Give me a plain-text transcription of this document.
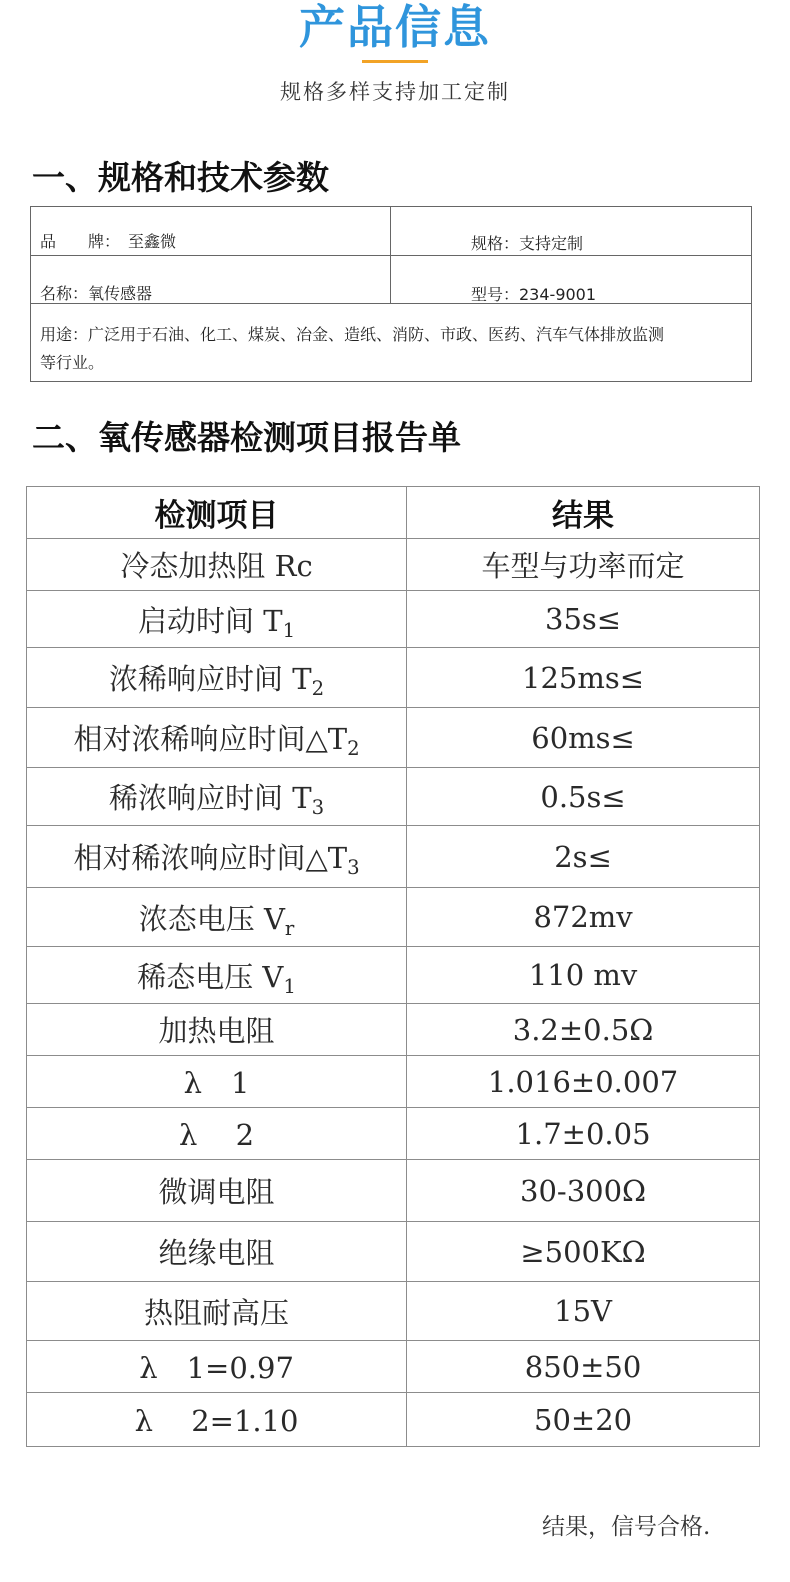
产品信息
规格多样支持加工定制
一、规格和技术参数
品　　牌：　至鑫微	规格：支持定制
名称：氧传感器	型号：234-9001
用途：广泛用于石油、化工、煤炭、冶金、造纸、消防、市政、医药、汽车气体排放监测等行业。
二、氧传感器检测项目报告单
检测项目	结果
冷态加热阻 Rc	车型与功率而定
启动时间 $T_1$	35s≤
浓稀响应时间 $T_2$	125ms≤
相对浓稀响应时间$\triangle T_2$	60ms≤
稀浓响应时间 $T_3$	0.5s≤
相对稀浓响应时间$\triangle T_3$	2s≤
浓态电压 $V_r$	872mv
稀态电压 $V_1$	110 mv
加热电阻	3.2±0.5Ω
λ　1	1.016±0.007
λ　 2	1.7±0.05
微调电阻	30-300Ω
绝缘电阻	≥500KΩ
热阻耐高压	15V
λ　1=0.97	850±50
λ　 2=1.10	50±20
结果，信号合格.
